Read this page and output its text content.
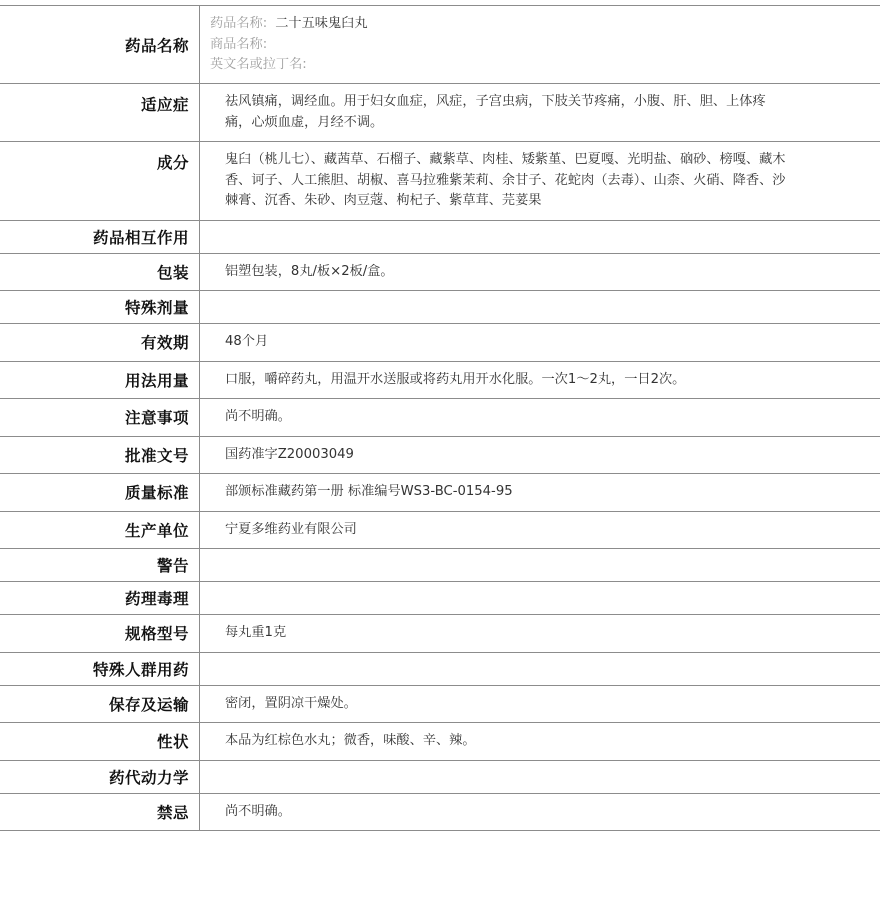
药品名称
药品名称: 二十五味鬼臼丸
商品名称:
英文名或拉丁名:
适应症	祛风镇痛，调经血。用于妇女血症，风症，子宫虫病，下肢关节疼痛，小腹、肝、胆、上体疼痛，心烦血虚，月经不调。
成分	鬼臼（桃儿七）、藏茜草、石榴子、藏紫草、肉桂、矮紫堇、巴夏嘎、光明盐、硇砂、榜嘎、藏木香、诃子、人工熊胆、胡椒、喜马拉雅紫茉莉、余甘子、花蛇肉（去毒）、山柰、火硝、降香、沙棘膏、沉香、朱砂、肉豆蔻、枸杞子、紫草茸、芫荽果
药品相互作用
包装	铝塑包装，8丸/板×2板/盒。
特殊剂量
有效期	48个月
用法用量	口服，嚼碎药丸，用温开水送服或将药丸用开水化服。一次1～2丸，一日2次。
注意事项	尚不明确。
批准文号	国药准字Z20003049
质量标准	部颁标准藏药第一册 标准编号WS3-BC-0154-95
生产单位	宁夏多维药业有限公司
警告
药理毒理
规格型号	每丸重1克
特殊人群用药
保存及运输	密闭，置阴凉干燥处。
性状	本品为红棕色水丸；微香，味酸、辛、辣。
药代动力学
禁忌	尚不明确。
